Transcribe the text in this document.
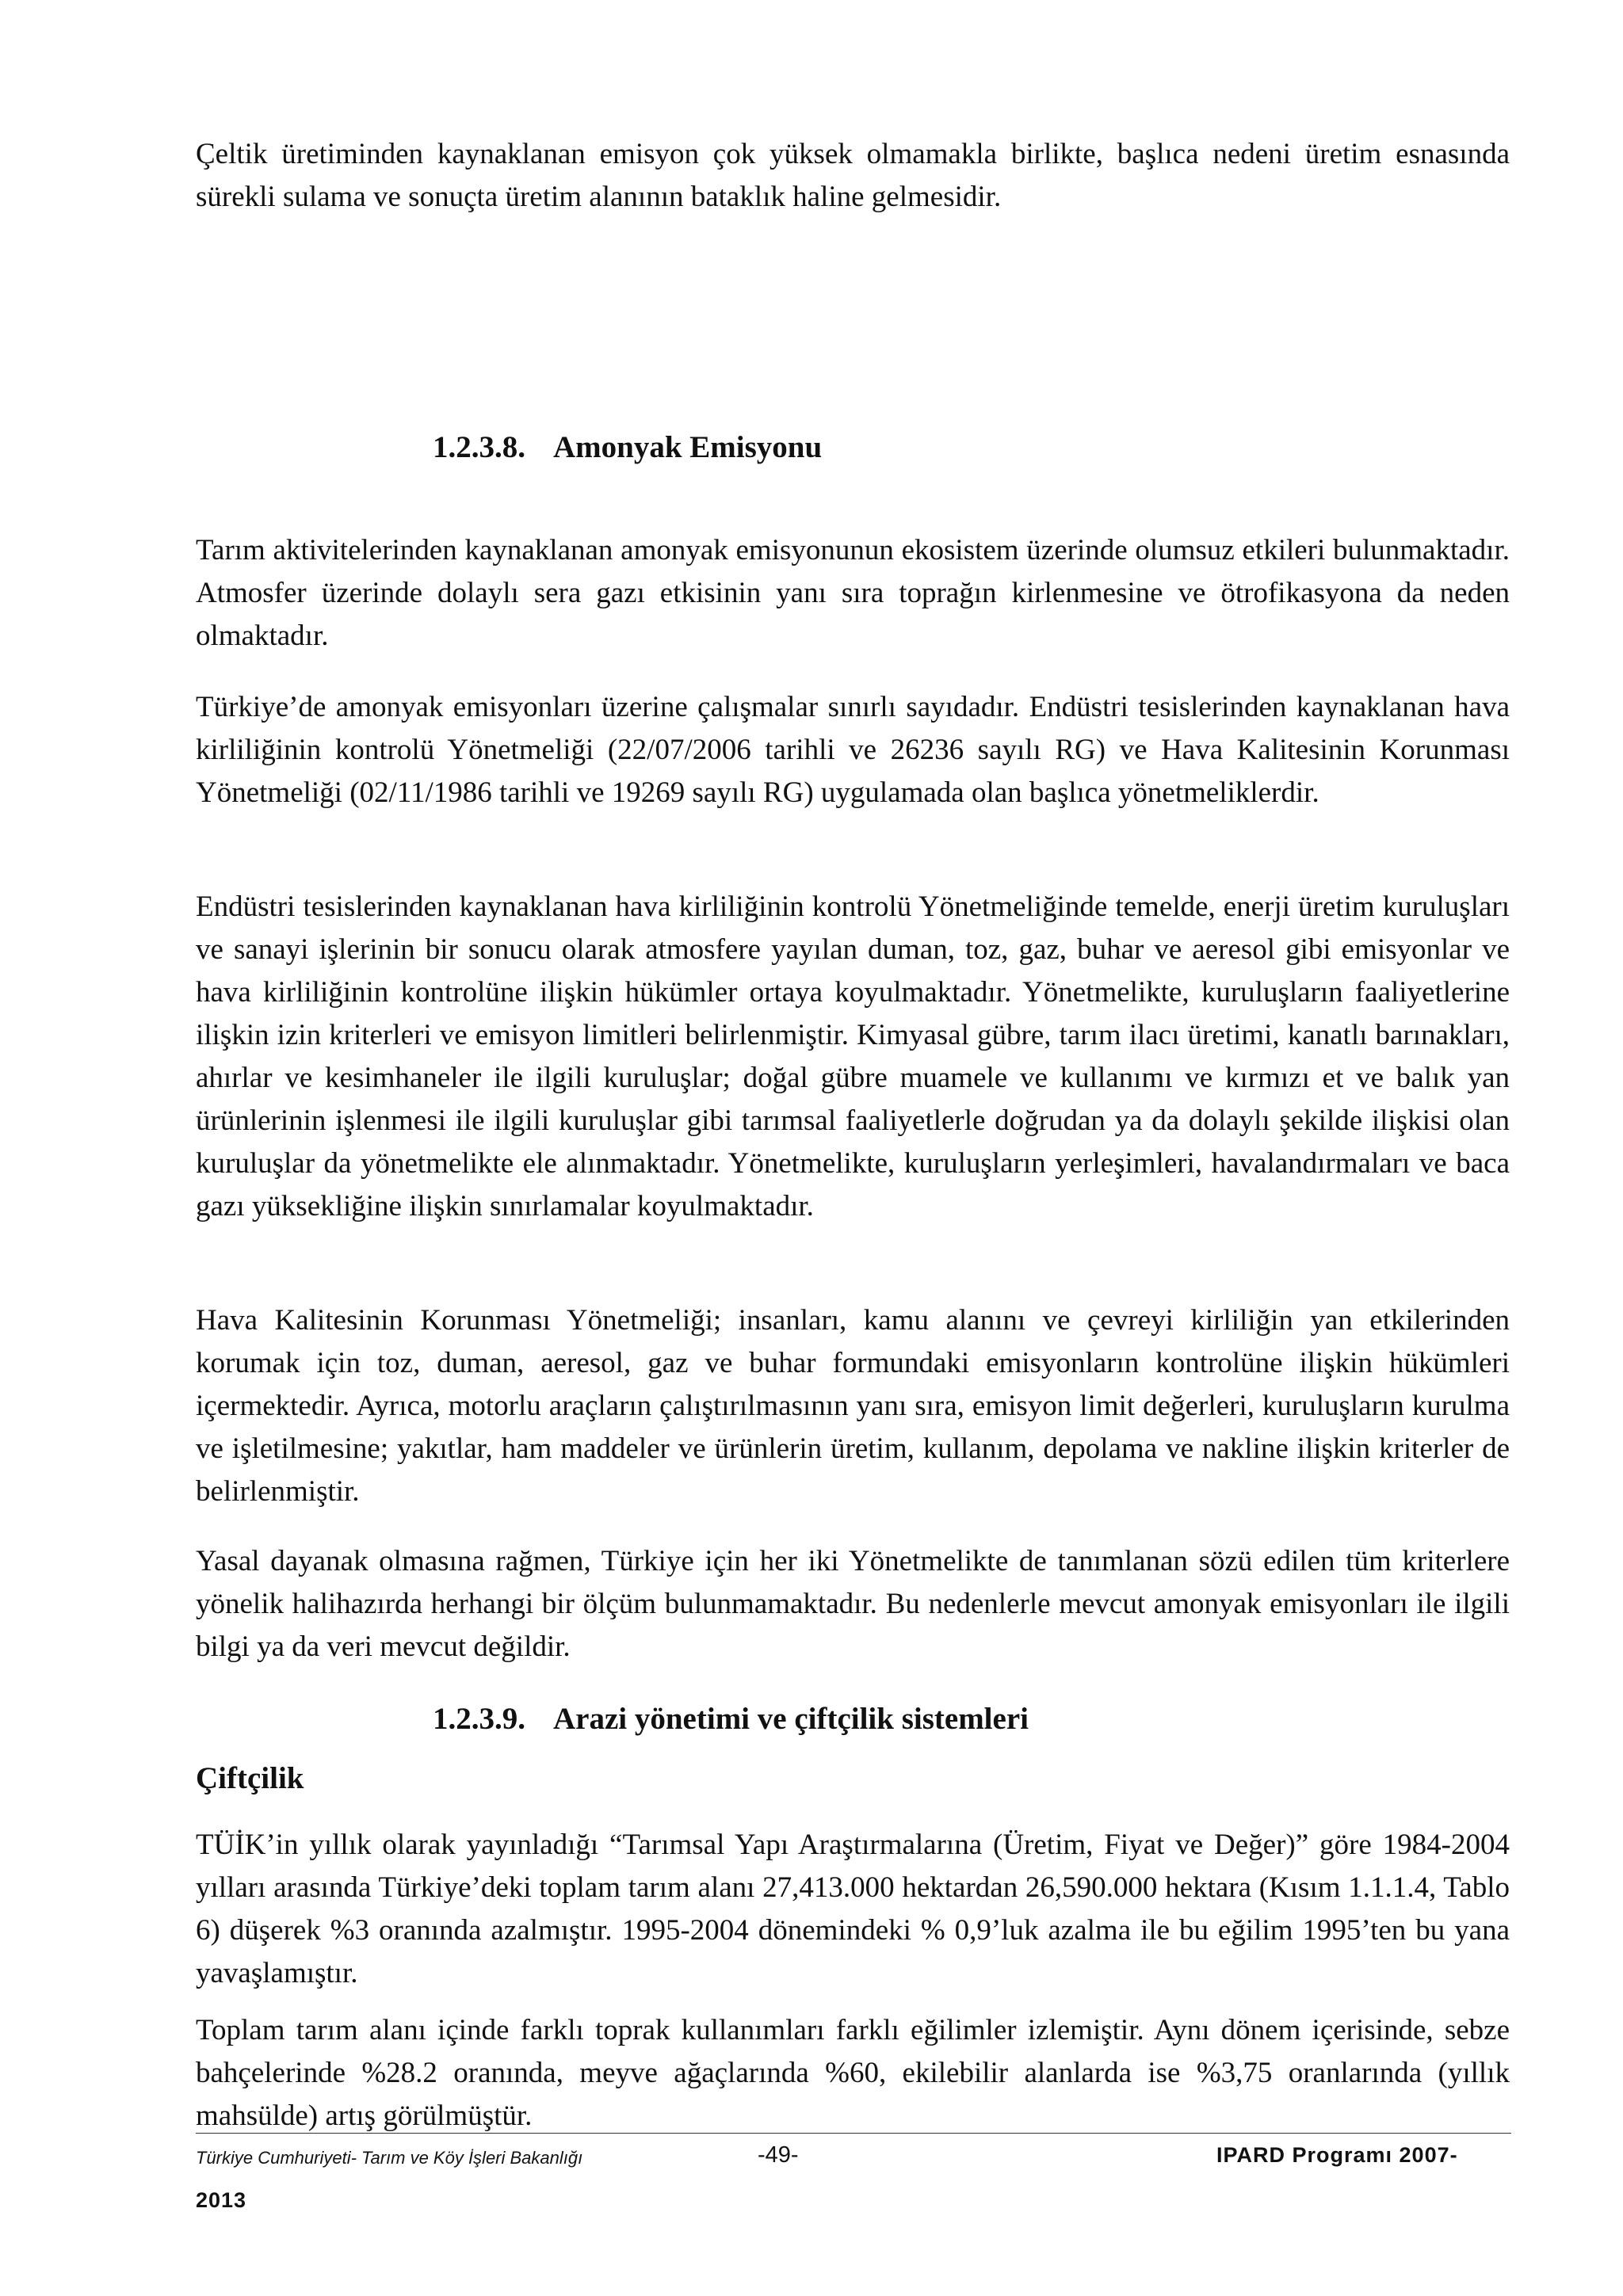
Çeltik üretiminden kaynaklanan emisyon çok yüksek olmamakla birlikte, başlıca nedeni üretim esnasında sürekli sulama ve sonuçta üretim alanının bataklık haline gelmesidir.

1.2.3.8. Amonyak Emisyonu

Tarım aktivitelerinden kaynaklanan amonyak emisyonunun ekosistem üzerinde olumsuz etkileri bulunmaktadır. Atmosfer üzerinde dolaylı sera gazı etkisinin yanı sıra toprağın kirlenmesine ve ötrofikasyona da neden olmaktadır.

Türkiye’de amonyak emisyonları üzerine çalışmalar sınırlı sayıdadır. Endüstri tesislerinden kaynaklanan hava kirliliğinin kontrolü Yönetmeliği (22/07/2006 tarihli ve 26236 sayılı RG) ve Hava Kalitesinin Korunması Yönetmeliği (02/11/1986 tarihli ve 19269 sayılı RG) uygulamada olan başlıca yönetmeliklerdir.

Endüstri tesislerinden kaynaklanan hava kirliliğinin kontrolü Yönetmeliğinde temelde, enerji üretim kuruluşları ve sanayi işlerinin bir sonucu olarak atmosfere yayılan duman, toz, gaz, buhar ve aeresol gibi emisyonlar ve hava kirliliğinin kontrolüne ilişkin hükümler ortaya koyulmaktadır. Yönetmelikte, kuruluşların faaliyetlerine ilişkin izin kriterleri ve emisyon limitleri belirlenmiştir. Kimyasal gübre, tarım ilacı üretimi, kanatlı barınakları, ahırlar ve kesimhaneler ile ilgili kuruluşlar; doğal gübre muamele ve kullanımı ve kırmızı et ve balık yan ürünlerinin işlenmesi ile ilgili kuruluşlar gibi tarımsal faaliyetlerle doğrudan ya da dolaylı şekilde ilişkisi olan kuruluşlar da yönetmelikte ele alınmaktadır. Yönetmelikte, kuruluşların yerleşimleri, havalandırmaları ve baca gazı yüksekliğine ilişkin sınırlamalar koyulmaktadır.

Hava Kalitesinin Korunması Yönetmeliği; insanları, kamu alanını ve çevreyi kirliliğin yan etkilerinden korumak için toz, duman, aeresol, gaz ve buhar formundaki emisyonların kontrolüne ilişkin hükümleri içermektedir. Ayrıca, motorlu araçların çalıştırılmasının yanı sıra, emisyon limit değerleri, kuruluşların kurulma ve işletilmesine; yakıtlar, ham maddeler ve ürünlerin üretim, kullanım, depolama ve nakline ilişkin kriterler de belirlenmiştir.

Yasal dayanak olmasına rağmen, Türkiye için her iki Yönetmelikte de tanımlanan sözü edilen tüm kriterlere yönelik halihazırda herhangi bir ölçüm bulunmamaktadır. Bu nedenlerle mevcut amonyak emisyonları ile ilgili bilgi ya da veri mevcut değildir.

1.2.3.9. Arazi yönetimi ve çiftçilik sistemleri
Çiftçilik

TÜİK’in yıllık olarak yayınladığı “Tarımsal Yapı Araştırmalarına (Üretim, Fiyat ve Değer)” göre 1984-2004 yılları arasında Türkiye’deki toplam tarım alanı 27,413.000 hektardan 26,590.000 hektara (Kısım 1.1.1.4, Tablo 6) düşerek %3 oranında azalmıştır. 1995-2004 dönemindeki % 0,9’luk azalma ile bu eğilim 1995’ten bu yana yavaşlamıştır.

Toplam tarım alanı içinde farklı toprak kullanımları farklı eğilimler izlemiştir. Aynı dönem içerisinde, sebze bahçelerinde %28.2 oranında, meyve ağaçlarında %60, ekilebilir alanlarda ise %3,75 oranlarında (yıllık mahsülde) artış görülmüştür.

Türkiye Cumhuriyeti- Tarım ve Köy İşleri Bakanlığı	-49-	IPARD Programı 2007-
2013
